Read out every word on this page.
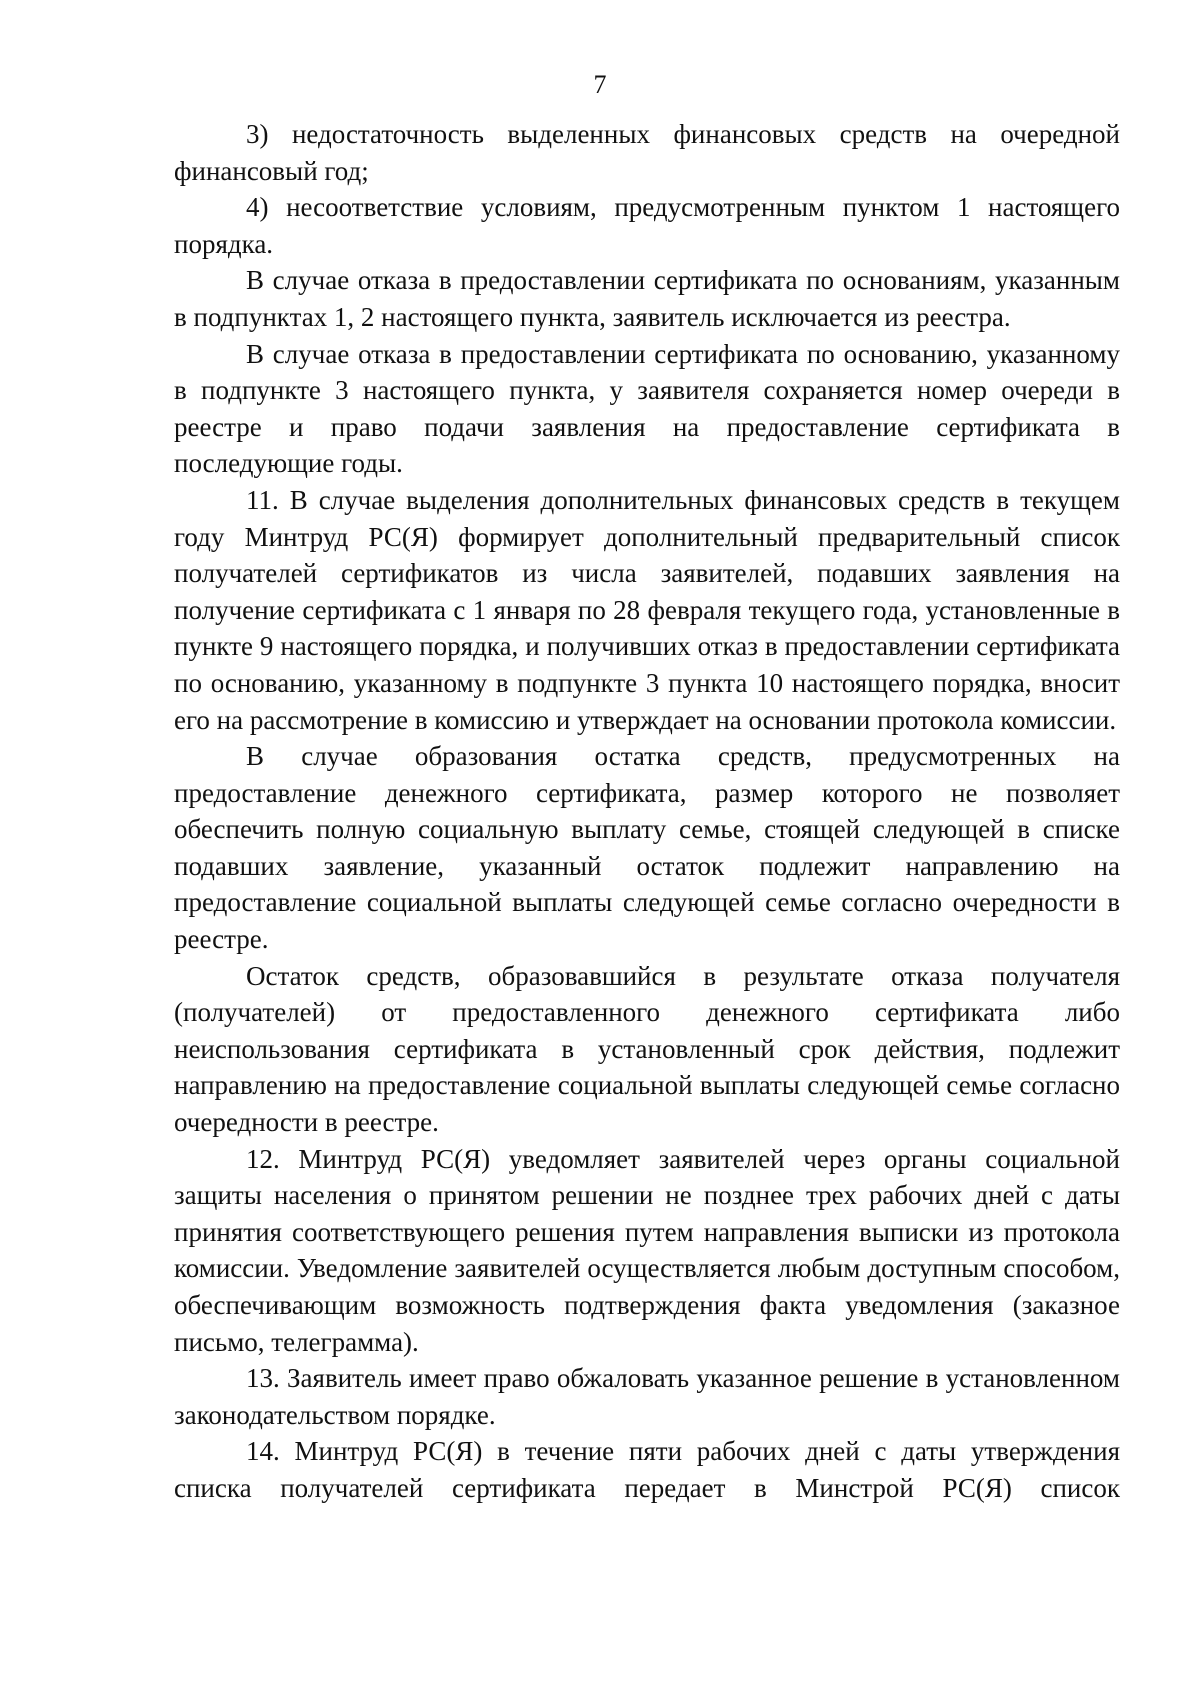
7

3) недостаточность выделенных финансовых средств на очередной финансовый год;

4) несоответствие условиям, предусмотренным пунктом 1 настоящего порядка.

В случае отказа в предоставлении сертификата по основаниям, указанным в подпунктах 1, 2 настоящего пункта, заявитель исключается из реестра.

В случае отказа в предоставлении сертификата по основанию, указанному в подпункте 3 настоящего пункта, у заявителя сохраняется номер очереди в реестре и право подачи заявления на предоставление сертификата в последующие годы.

11. В случае выделения дополнительных финансовых средств в текущем году Минтруд РС(Я) формирует дополнительный предварительный список получателей сертификатов из числа заявителей, подавших заявления на получение сертификата с 1 января по 28 февраля текущего года, установленные в пункте 9 настоящего порядка, и получивших отказ в предоставлении сертификата по основанию, указанному в подпункте 3 пункта 10 настоящего порядка, вносит его на рассмотрение в комиссию и утверждает на основании протокола комиссии.

В случае образования остатка средств, предусмотренных на предоставление денежного сертификата, размер которого не позволяет обеспечить полную социальную выплату семье, стоящей следующей в списке подавших заявление, указанный остаток подлежит направлению на предоставление социальной выплаты следующей семье согласно очередности в реестре.

Остаток средств, образовавшийся в результате отказа получателя (получателей) от предоставленного денежного сертификата либо неиспользования сертификата в установленный срок действия, подлежит направлению на предоставление социальной выплаты следующей семье согласно очередности в реестре.

12. Минтруд РС(Я) уведомляет заявителей через органы социальной защиты населения о принятом решении не позднее трех рабочих дней с даты принятия соответствующего решения путем направления выписки из протокола комиссии. Уведомление заявителей осуществляется любым доступным способом, обеспечивающим возможность подтверждения факта уведомления (заказное письмо, телеграмма).

13. Заявитель имеет право обжаловать указанное решение в установленном законодательством порядке.

14. Минтруд РС(Я) в течение пяти рабочих дней с даты утверждения списка получателей сертификата передает в Минстрой РС(Я) список
